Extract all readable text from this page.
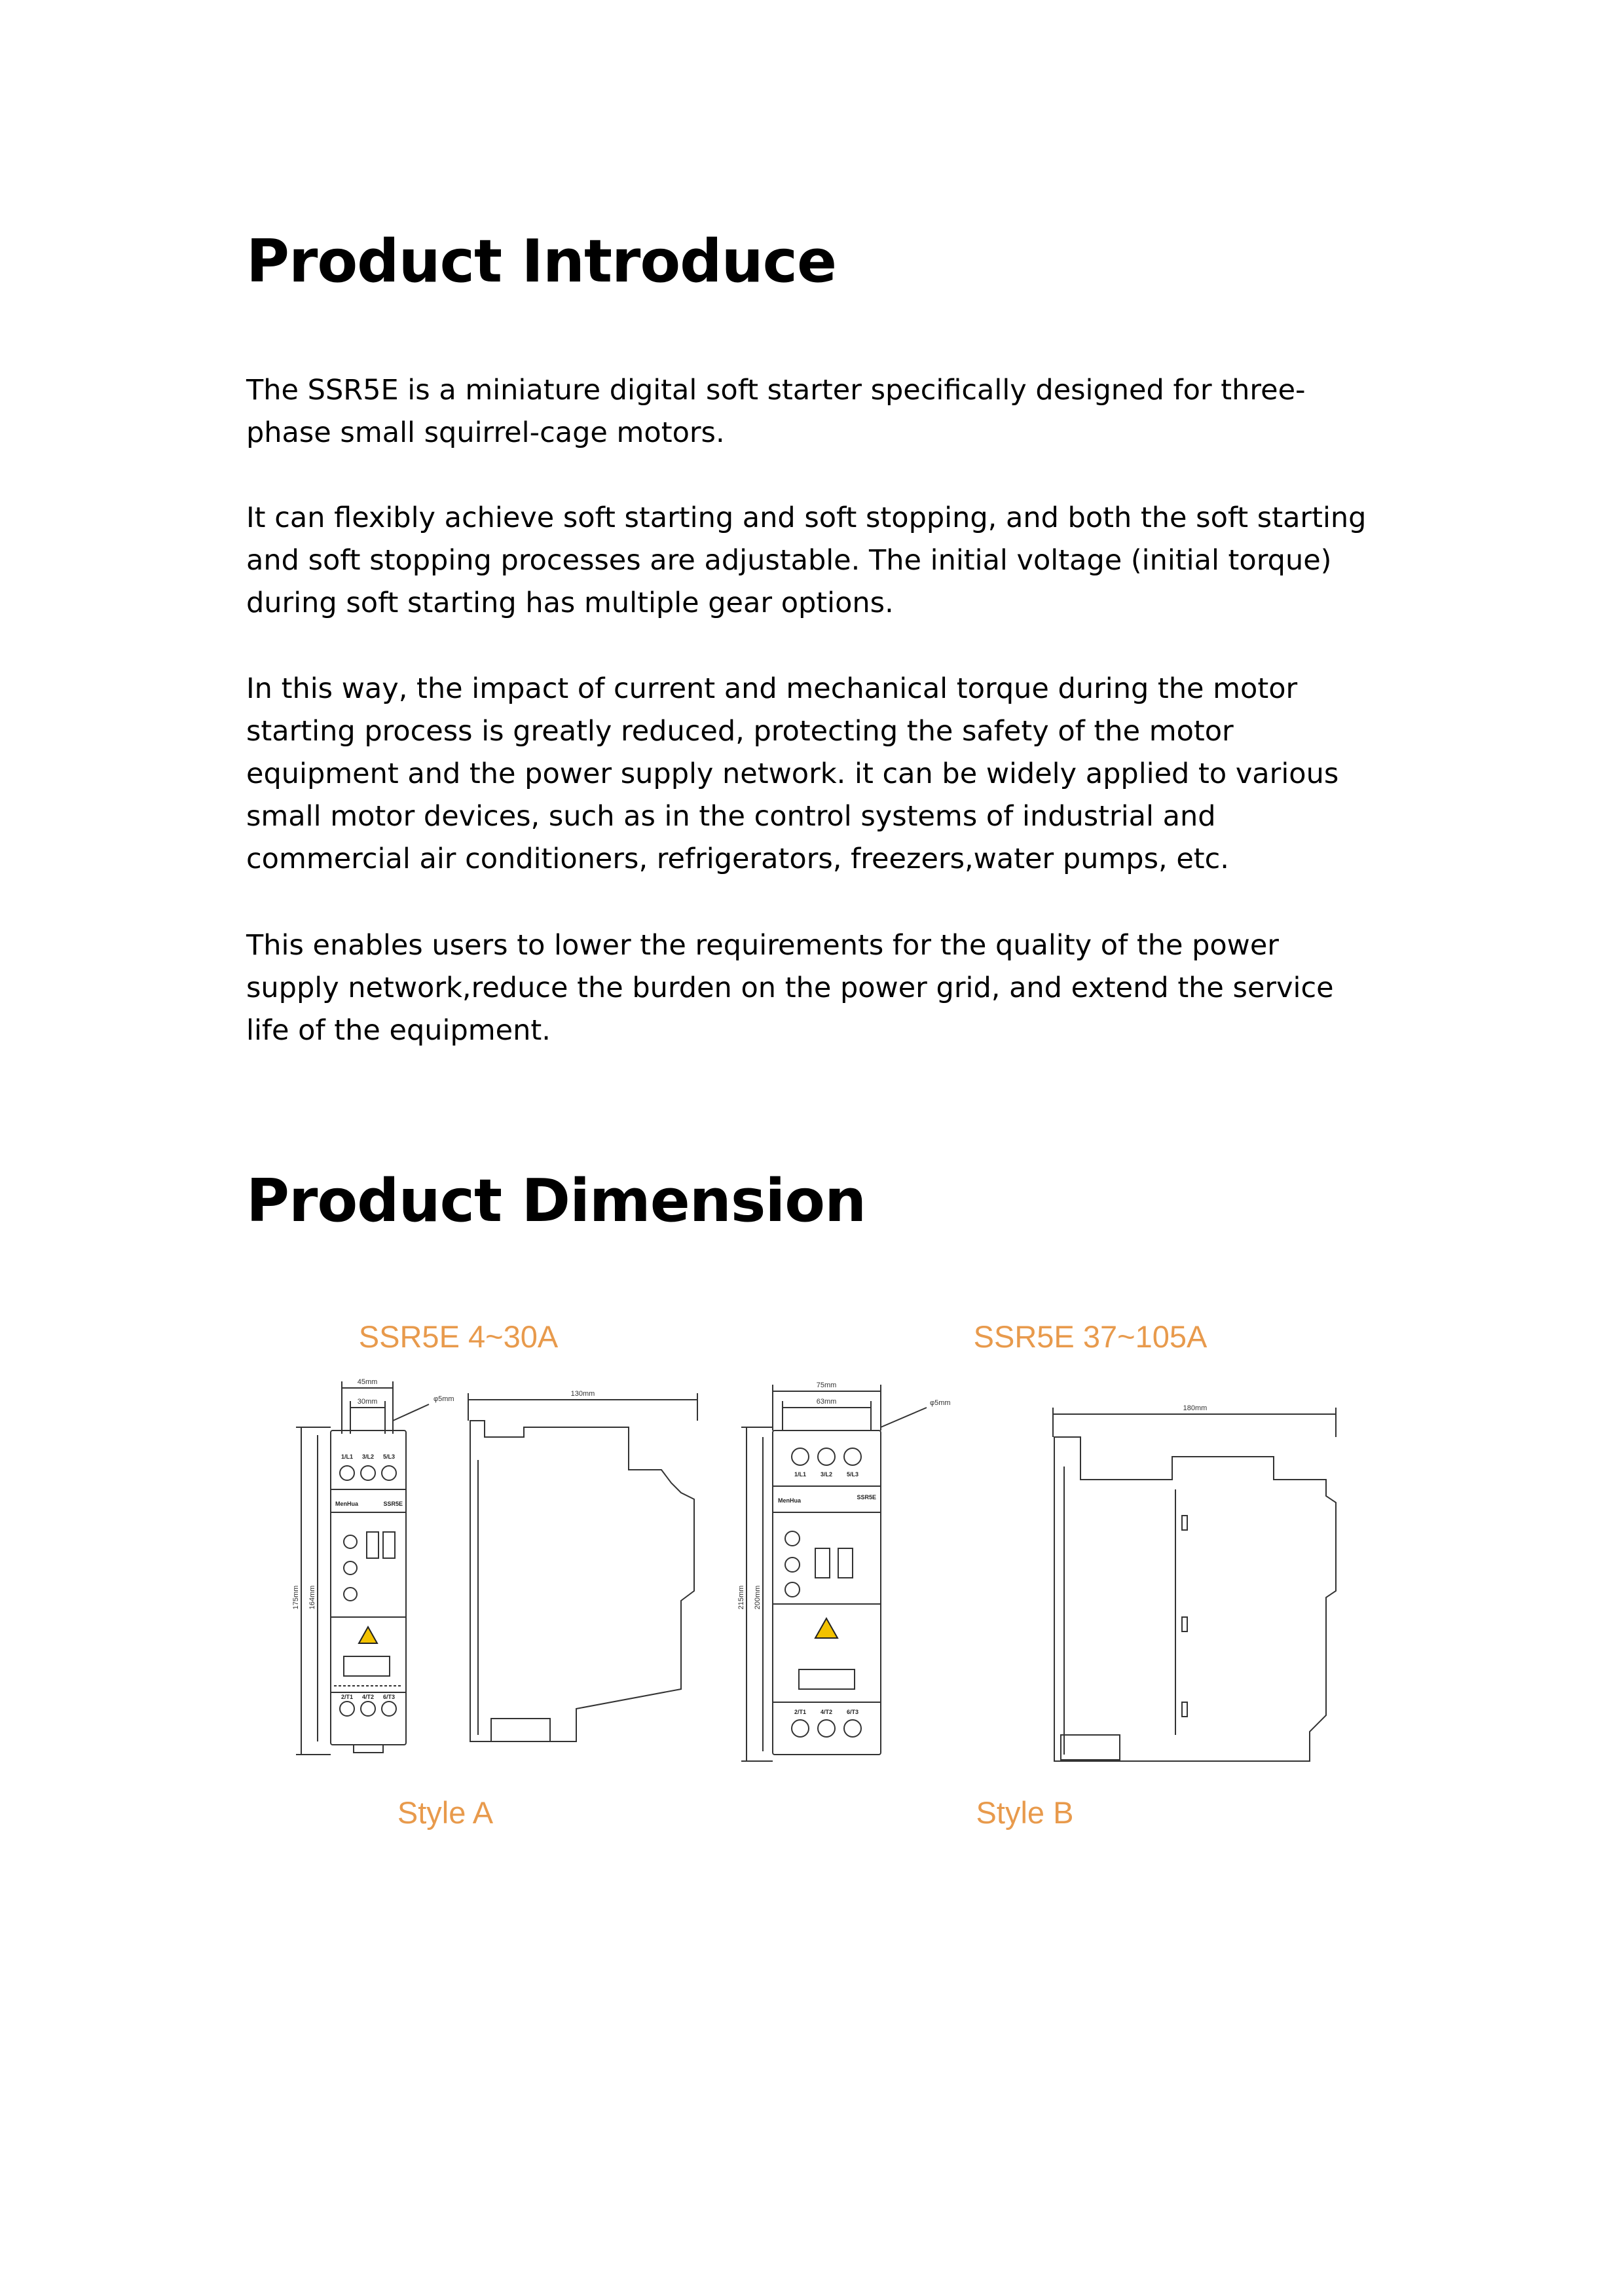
Product Introduce

The SSR5E is a miniature digital soft starter specifically designed for three-phase small squirrel-cage motors.

It can flexibly achieve soft starting and soft stopping, and both the soft starting and soft stopping processes are adjustable. The initial voltage (initial torque) during soft starting has multiple gear options.

In this way, the impact of current and mechanical torque during the motor starting process is greatly reduced, protecting the safety of the motor equipment and the power supply network. it can be widely applied to various small motor devices, such as in the control systems of industrial and commercial air conditioners, refrigerators, freezers,water pumps, etc.

This enables users to lower the requirements for the quality of the power supply network,reduce the burden on the power grid, and extend the service life of the equipment.

Product Dimension
SSR5E 4~30A	SSR5E 37~105A
45mm
30mm	φ5mm
1/L1 3/L2 5/L3
MenHua	SSR5E
2/T1 4/T2 6/T3
175mm 164mm
130mm
75mm
63mm	φ5mm
1/L1 3/L2 5/L3
MenHua	SSR5E
2/T1 4/T2 6/T3
215mm 200mm
180mm
Style A	Style B
